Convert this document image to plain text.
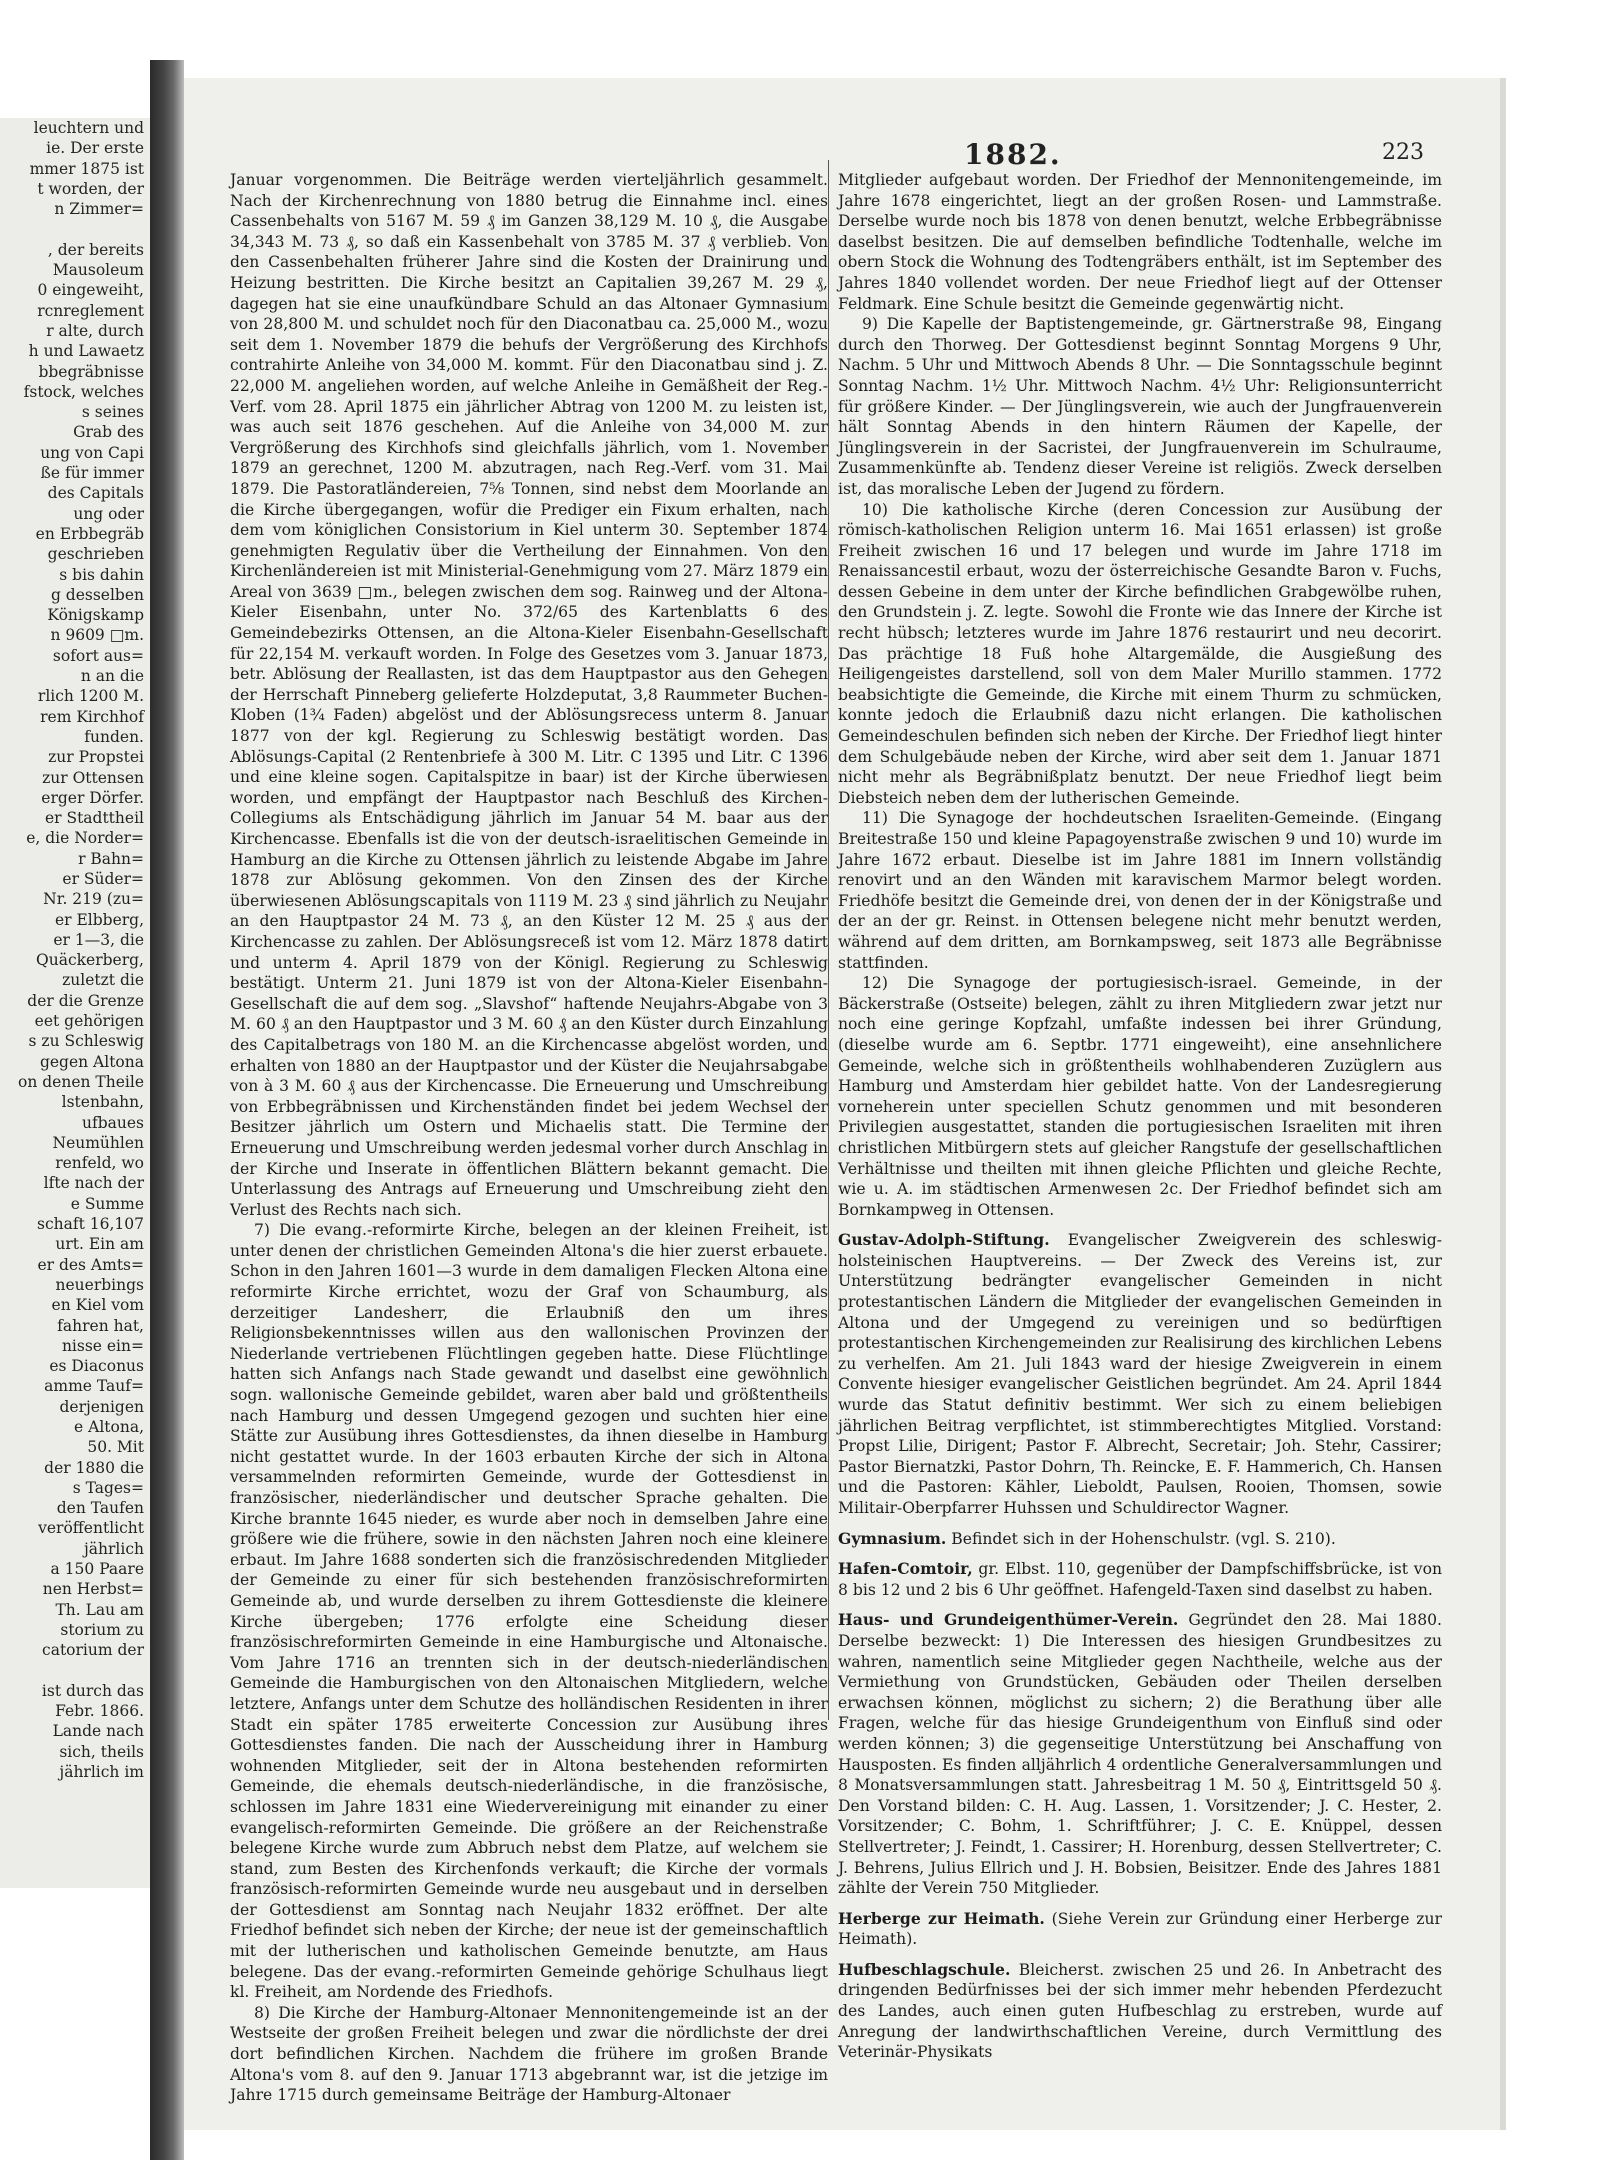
leuchtern und
ie. Der erste
mmer 1875 ist
t worden, der
n Zimmer=

, der bereits
Mausoleum
0 eingeweiht,
rcnreglement
r alte, durch
h und Lawaetz
bbegräbnisse
fstock, welches
s seines
Grab des
ung von Capi
ße für immer
des Capitals
ung oder
en Erbbegräb
geschrieben
s bis dahin
g desselben
Königskamp
n 9609 □m.
sofort aus=
n an die
rlich 1200 M.
rem Kirchhof
funden.
zur Propstei
zur Ottensen
erger Dörfer.
er Stadttheil
e, die Norder=
r Bahn=
er Süder=
Nr. 219 (zu=
er Elbberg,
er 1—3, die
Quäckerberg,
zuletzt die
der die Grenze
eet gehörigen
s zu Schleswig
gegen Altona
on denen Theile
lstenbahn,
ufbaues
Neumühlen
renfeld, wo
lfte nach der
e Summe
schaft 16,107
urt. Ein am
er des Amts=
neuerbings
en Kiel vom
fahren hat,
nisse ein=
es Diaconus
amme Tauf=
derjenigen
e Altona,
50. Mit
der 1880 die
s Tages=
den Taufen
veröffentlicht
jährlich
a 150 Paare
nen Herbst=
Th. Lau am
storium zu
catorium der

ist durch das
Febr. 1866.
Lande nach
sich, theils
jährlich im
1882.	223

Januar vorgenommen. Die Beiträge werden vierteljährlich gesammelt. Nach der Kirchenrechnung von 1880 betrug die Einnahme incl. eines Cassenbehalts von 5167 M. 59 ₰ im Ganzen 38,129 M. 10 ₰, die Ausgabe 34,343 M. 73 ₰, so daß ein Kassenbehalt von 3785 M. 37 ₰ verblieb. Von den Cassenbehalten früherer Jahre sind die Kosten der Drainirung und Heizung bestritten. Die Kirche besitzt an Capitalien 39,267 M. 29 ₰, dagegen hat sie eine unaufkündbare Schuld an das Altonaer Gymnasium von 28,800 M. und schuldet noch für den Diaconatbau ca. 25,000 M., wozu seit dem 1. November 1879 die behufs der Vergrößerung des Kirchhofs contrahirte Anleihe von 34,000 M. kommt. Für den Diaconatbau sind j. Z. 22,000 M. angeliehen worden, auf welche Anleihe in Gemäßheit der Reg.-Verf. vom 28. April 1875 ein jährlicher Abtrag von 1200 M. zu leisten ist, was auch seit 1876 geschehen. Auf die Anleihe von 34,000 M. zur Vergrößerung des Kirchhofs sind gleichfalls jährlich, vom 1. November 1879 an gerechnet, 1200 M. abzutragen, nach Reg.-Verf. vom 31. Mai 1879. Die Pastoratländereien, 7⅝ Tonnen, sind nebst dem Moorlande an die Kirche übergegangen, wofür die Prediger ein Fixum erhalten, nach dem vom königlichen Consistorium in Kiel unterm 30. September 1874 genehmigten Regulativ über die Vertheilung der Einnahmen. Von den Kirchenländereien ist mit Ministerial-Genehmigung vom 27. März 1879 ein Areal von 3639 □m., belegen zwischen dem sog. Rainweg und der Altona-Kieler Eisenbahn, unter No. 372/65 des Kartenblatts 6 des Gemeindebezirks Ottensen, an die Altona-Kieler Eisenbahn-Gesellschaft für 22,154 M. verkauft worden. In Folge des Gesetzes vom 3. Januar 1873, betr. Ablösung der Reallasten, ist das dem Hauptpastor aus den Gehegen der Herrschaft Pinneberg gelieferte Holzdeputat, 3,8 Raummeter Buchen-Kloben (1¾ Faden) abgelöst und der Ablösungsrecess unterm 8. Januar 1877 von der kgl. Regierung zu Schleswig bestätigt worden. Das Ablösungs-Capital (2 Rentenbriefe à 300 M. Litr. C 1395 und Litr. C 1396 und eine kleine sogen. Capitalspitze in baar) ist der Kirche überwiesen worden, und empfängt der Hauptpastor nach Beschluß des Kirchen-Collegiums als Entschädigung jährlich im Januar 54 M. baar aus der Kirchencasse. Ebenfalls ist die von der deutsch-israelitischen Gemeinde in Hamburg an die Kirche zu Ottensen jährlich zu leistende Abgabe im Jahre 1878 zur Ablösung gekommen. Von den Zinsen des der Kirche überwiesenen Ablösungscapitals von 1119 M. 23 ₰ sind jährlich zu Neujahr an den Hauptpastor 24 M. 73 ₰, an den Küster 12 M. 25 ₰ aus der Kirchencasse zu zahlen. Der Ablösungsreceß ist vom 12. März 1878 datirt und unterm 4. April 1879 von der Königl. Regierung zu Schleswig bestätigt. Unterm 21. Juni 1879 ist von der Altona-Kieler Eisenbahn-Gesellschaft die auf dem sog. „Slavshof“ haftende Neujahrs-Abgabe von 3 M. 60 ₰ an den Hauptpastor und 3 M. 60 ₰ an den Küster durch Einzahlung des Capitalbetrags von 180 M. an die Kirchencasse abgelöst worden, und erhalten von 1880 an der Hauptpastor und der Küster die Neujahrsabgabe von à 3 M. 60 ₰ aus der Kirchencasse. Die Erneuerung und Umschreibung von Erbbegräbnissen und Kirchenständen findet bei jedem Wechsel der Besitzer jährlich um Ostern und Michaelis statt. Die Termine der Erneuerung und Umschreibung werden jedesmal vorher durch Anschlag in der Kirche und Inserate in öffentlichen Blättern bekannt gemacht. Die Unterlassung des Antrags auf Erneuerung und Umschreibung zieht den Verlust des Rechts nach sich.

7) Die evang.-reformirte Kirche, belegen an der kleinen Freiheit, ist unter denen der christlichen Gemeinden Altona's die hier zuerst erbauete. Schon in den Jahren 1601—3 wurde in dem damaligen Flecken Altona eine reformirte Kirche errichtet, wozu der Graf von Schaumburg, als derzeitiger Landesherr, die Erlaubniß den um ihres Religionsbekenntnisses willen aus den wallonischen Provinzen der Niederlande vertriebenen Flüchtlingen gegeben hatte. Diese Flüchtlinge hatten sich Anfangs nach Stade gewandt und daselbst eine gewöhnlich sogn. wallonische Gemeinde gebildet, waren aber bald und größtentheils nach Hamburg und dessen Umgegend gezogen und suchten hier eine Stätte zur Ausübung ihres Gottesdienstes, da ihnen dieselbe in Hamburg nicht gestattet wurde. In der 1603 erbauten Kirche der sich in Altona versammelnden reformirten Gemeinde, wurde der Gottesdienst in französischer, niederländischer und deutscher Sprache gehalten. Die Kirche brannte 1645 nieder, es wurde aber noch in demselben Jahre eine größere wie die frühere, sowie in den nächsten Jahren noch eine kleinere erbaut. Im Jahre 1688 sonderten sich die französischredenden Mitglieder der Gemeinde zu einer für sich bestehenden französischreformirten Gemeinde ab, und wurde derselben zu ihrem Gottesdienste die kleinere Kirche übergeben; 1776 erfolgte eine Scheidung dieser französischreformirten Gemeinde in eine Hamburgische und Altonaische. Vom Jahre 1716 an trennten sich in der deutsch-niederländischen Gemeinde die Hamburgischen von den Altonaischen Mitgliedern, welche letztere, Anfangs unter dem Schutze des holländischen Residenten in ihrer Stadt ein später 1785 erweiterte Concession zur Ausübung ihres Gottesdienstes fanden. Die nach der Ausscheidung ihrer in Hamburg wohnenden Mitglieder, seit der in Altona bestehenden reformirten Gemeinde, die ehemals deutsch-niederländische, in die französische, schlossen im Jahre 1831 eine Wiedervereinigung mit einander zu einer evangelisch-reformirten Gemeinde. Die größere an der Reichenstraße belegene Kirche wurde zum Abbruch nebst dem Platze, auf welchem sie stand, zum Besten des Kirchenfonds verkauft; die Kirche der vormals französisch-reformirten Gemeinde wurde neu ausgebaut und in derselben der Gottesdienst am Sonntag nach Neujahr 1832 eröffnet. Der alte Friedhof befindet sich neben der Kirche; der neue ist der gemeinschaftlich mit der lutherischen und katholischen Gemeinde benutzte, am Haus belegene. Das der evang.-reformirten Gemeinde gehörige Schulhaus liegt kl. Freiheit, am Nordende des Friedhofs.

8) Die Kirche der Hamburg-Altonaer Mennonitengemeinde ist an der Westseite der großen Freiheit belegen und zwar die nördlichste der drei dort befindlichen Kirchen. Nachdem die frühere im großen Brande Altona's vom 8. auf den 9. Januar 1713 abgebrannt war, ist die jetzige im Jahre 1715 durch gemeinsame Beiträge der Hamburg-Altonaer

Mitglieder aufgebaut worden. Der Friedhof der Mennonitengemeinde, im Jahre 1678 eingerichtet, liegt an der großen Rosen- und Lammstraße. Derselbe wurde noch bis 1878 von denen benutzt, welche Erbbegräbnisse daselbst besitzen. Die auf demselben befindliche Todtenhalle, welche im obern Stock die Wohnung des Todtengräbers enthält, ist im September des Jahres 1840 vollendet worden. Der neue Friedhof liegt auf der Ottenser Feldmark. Eine Schule besitzt die Gemeinde gegenwärtig nicht.

9) Die Kapelle der Baptistengemeinde, gr. Gärtnerstraße 98, Eingang durch den Thorweg. Der Gottesdienst beginnt Sonntag Morgens 9 Uhr, Nachm. 5 Uhr und Mittwoch Abends 8 Uhr. — Die Sonntagsschule beginnt Sonntag Nachm. 1½ Uhr. Mittwoch Nachm. 4½ Uhr: Religionsunterricht für größere Kinder. — Der Jünglingsverein, wie auch der Jungfrauenverein hält Sonntag Abends in den hintern Räumen der Kapelle, der Jünglingsverein in der Sacristei, der Jungfrauenverein im Schulraume, Zusammenkünfte ab. Tendenz dieser Vereine ist religiös. Zweck derselben ist, das moralische Leben der Jugend zu fördern.

10) Die katholische Kirche (deren Concession zur Ausübung der römisch-katholischen Religion unterm 16. Mai 1651 erlassen) ist große Freiheit zwischen 16 und 17 belegen und wurde im Jahre 1718 im Renaissancestil erbaut, wozu der österreichische Gesandte Baron v. Fuchs, dessen Gebeine in dem unter der Kirche befindlichen Grabgewölbe ruhen, den Grundstein j. Z. legte. Sowohl die Fronte wie das Innere der Kirche ist recht hübsch; letzteres wurde im Jahre 1876 restaurirt und neu decorirt. Das prächtige 18 Fuß hohe Altargemälde, die Ausgießung des Heiligengeistes darstellend, soll von dem Maler Murillo stammen. 1772 beabsichtigte die Gemeinde, die Kirche mit einem Thurm zu schmücken, konnte jedoch die Erlaubniß dazu nicht erlangen. Die katholischen Gemeindeschulen befinden sich neben der Kirche. Der Friedhof liegt hinter dem Schulgebäude neben der Kirche, wird aber seit dem 1. Januar 1871 nicht mehr als Begräbnißplatz benutzt. Der neue Friedhof liegt beim Diebsteich neben dem der lutherischen Gemeinde.

11) Die Synagoge der hochdeutschen Israeliten-Gemeinde. (Eingang Breitestraße 150 und kleine Papagoyenstraße zwischen 9 und 10) wurde im Jahre 1672 erbaut. Dieselbe ist im Jahre 1881 im Innern vollständig renovirt und an den Wänden mit karavischem Marmor belegt worden. Friedhöfe besitzt die Gemeinde drei, von denen der in der Königstraße und der an der gr. Reinst. in Ottensen belegene nicht mehr benutzt werden, während auf dem dritten, am Bornkampsweg, seit 1873 alle Begräbnisse stattfinden.

12) Die Synagoge der portugiesisch-israel. Gemeinde, in der Bäckerstraße (Ostseite) belegen, zählt zu ihren Mitgliedern zwar jetzt nur noch eine geringe Kopfzahl, umfaßte indessen bei ihrer Gründung, (dieselbe wurde am 6. Septbr. 1771 eingeweiht), eine ansehnlichere Gemeinde, welche sich in größtentheils wohlhabenderen Zuzüglern aus Hamburg und Amsterdam hier gebildet hatte. Von der Landesregierung vorneherein unter speciellen Schutz genommen und mit besonderen Privilegien ausgestattet, standen die portugiesischen Israeliten mit ihren christlichen Mitbürgern stets auf gleicher Rangstufe der gesellschaftlichen Verhältnisse und theilten mit ihnen gleiche Pflichten und gleiche Rechte, wie u. A. im städtischen Armenwesen 2c. Der Friedhof befindet sich am Bornkampweg in Ottensen.

Gustav-Adolph-Stiftung. Evangelischer Zweigverein des schleswig-holsteinischen Hauptvereins. — Der Zweck des Vereins ist, zur Unterstützung bedrängter evangelischer Gemeinden in nicht protestantischen Ländern die Mitglieder der evangelischen Gemeinden in Altona und der Umgegend zu vereinigen und so bedürftigen protestantischen Kirchengemeinden zur Realisirung des kirchlichen Lebens zu verhelfen. Am 21. Juli 1843 ward der hiesige Zweigverein in einem Convente hiesiger evangelischer Geistlichen begründet. Am 24. April 1844 wurde das Statut definitiv bestimmt. Wer sich zu einem beliebigen jährlichen Beitrag verpflichtet, ist stimmberechtigtes Mitglied. Vorstand: Propst Lilie, Dirigent; Pastor F. Albrecht, Secretair; Joh. Stehr, Cassirer; Pastor Biernatzki, Pastor Dohrn, Th. Reincke, E. F. Hammerich, Ch. Hansen und die Pastoren: Kähler, Lieboldt, Paulsen, Rooien, Thomsen, sowie Militair-Oberpfarrer Huhssen und Schuldirector Wagner.

Gymnasium. Befindet sich in der Hohenschulstr. (vgl. S. 210).

Hafen-Comtoir, gr. Elbst. 110, gegenüber der Dampfschiffsbrücke, ist von 8 bis 12 und 2 bis 6 Uhr geöffnet. Hafengeld-Taxen sind daselbst zu haben.

Haus- und Grundeigenthümer-Verein. Gegründet den 28. Mai 1880. Derselbe bezweckt: 1) Die Interessen des hiesigen Grundbesitzes zu wahren, namentlich seine Mitglieder gegen Nachtheile, welche aus der Vermiethung von Grundstücken, Gebäuden oder Theilen derselben erwachsen können, möglichst zu sichern; 2) die Berathung über alle Fragen, welche für das hiesige Grundeigenthum von Einfluß sind oder werden können; 3) die gegenseitige Unterstützung bei Anschaffung von Hausposten. Es finden alljährlich 4 ordentliche Generalversammlungen und 8 Monatsversammlungen statt. Jahresbeitrag 1 M. 50 ₰, Eintrittsgeld 50 ₰. Den Vorstand bilden: C. H. Aug. Lassen, 1. Vorsitzender; J. C. Hester, 2. Vorsitzender; C. Bohm, 1. Schriftführer; J. C. E. Knüppel, dessen Stellvertreter; J. Feindt, 1. Cassirer; H. Horenburg, dessen Stellvertreter; C. J. Behrens, Julius Ellrich und J. H. Bobsien, Beisitzer. Ende des Jahres 1881 zählte der Verein 750 Mitglieder.

Herberge zur Heimath. (Siehe Verein zur Gründung einer Herberge zur Heimath).

Hufbeschlagschule. Bleicherst. zwischen 25 und 26. In Anbetracht des dringenden Bedürfnisses bei der sich immer mehr hebenden Pferdezucht des Landes, auch einen guten Hufbeschlag zu erstreben, wurde auf Anregung der landwirthschaftlichen Vereine, durch Vermittlung des Veterinär-Physikats
